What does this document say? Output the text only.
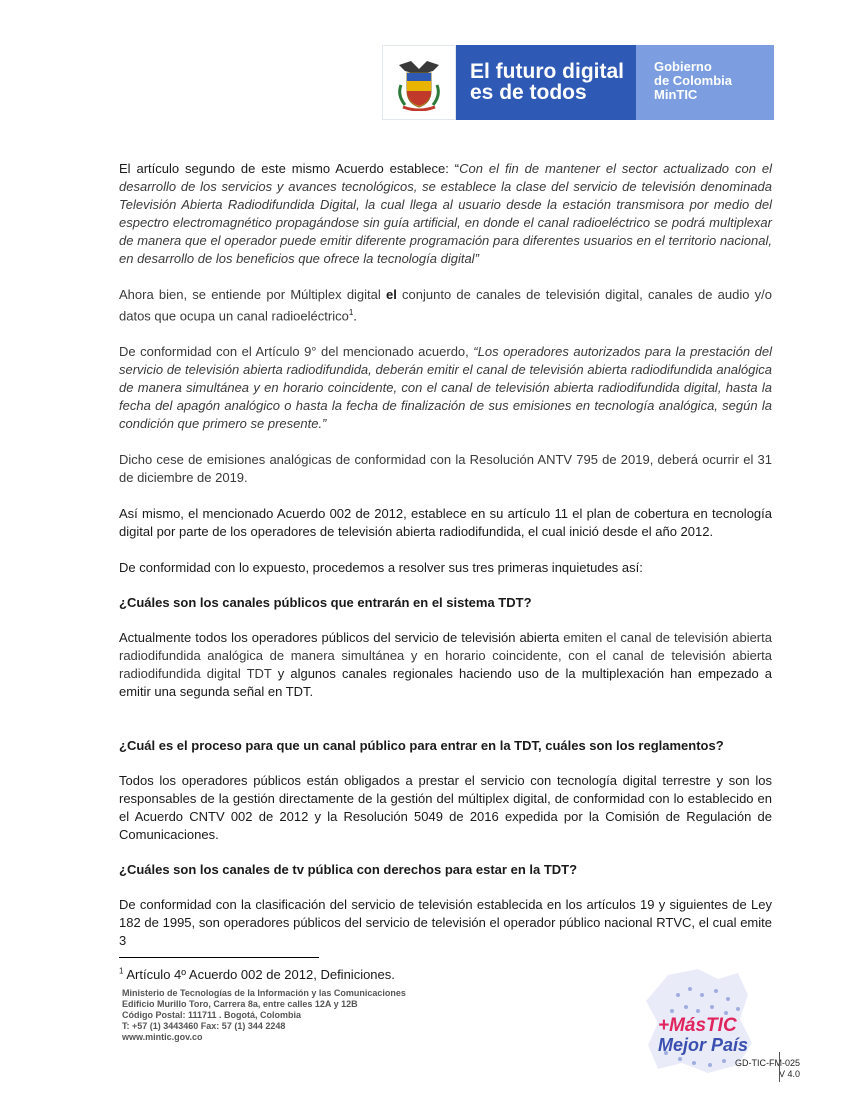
El futuro digital
es de todos
Gobierno
de Colombia
MinTIC

El artículo segundo de este mismo Acuerdo establece: “Con el fin de mantener el sector actualizado con el desarrollo de los servicios y avances tecnológicos, se establece la clase del servicio de televisión denominada Televisión Abierta Radiodifundida Digital, la cual llega al usuario desde la estación transmisora por medio del espectro electromagnético propagándose sin guía artificial, en donde el canal radioeléctrico se podrá multiplexar de manera que el operador puede emitir diferente programación para diferentes usuarios en el territorio nacional, en desarrollo de los beneficios que ofrece la tecnología digital”

Ahora bien, se entiende por Múltiplex digital el conjunto de canales de televisión digital, canales de audio y/o datos que ocupa un canal radioeléctrico$^1$.

De conformidad con el Artículo 9° del mencionado acuerdo, “Los operadores autorizados para la prestación del servicio de televisión abierta radiodifundida, deberán emitir el canal de televisión abierta radiodifundida analógica de manera simultánea y en horario coincidente, con el canal de televisión abierta radiodifundida digital, hasta la fecha del apagón analógico o hasta la fecha de finalización de sus emisiones en tecnología analógica, según la condición que primero se presente.”

Dicho cese de emisiones analógicas de conformidad con la Resolución ANTV 795 de 2019, deberá ocurrir el 31 de diciembre de 2019.

Así mismo, el mencionado Acuerdo 002 de 2012, establece en su artículo 11 el plan de cobertura en tecnología digital por parte de los operadores de televisión abierta radiodifundida, el cual inició desde el año 2012.

De conformidad con lo expuesto, procedemos a resolver sus tres primeras inquietudes así:

¿Cuáles son los canales públicos que entrarán en el sistema TDT?

Actualmente todos los operadores públicos del servicio de televisión abierta emiten el canal de televisión abierta radiodifundida analógica de manera simultánea y en horario coincidente, con el canal de televisión abierta radiodifundida digital TDT y algunos canales regionales haciendo uso de la multiplexación han empezado a emitir una segunda señal en TDT.

¿Cuál es el proceso para que un canal público para entrar en la TDT, cuáles son los reglamentos?

Todos los operadores públicos están obligados a prestar el servicio con tecnología digital terrestre y son los responsables de la gestión directamente de la gestión del múltiplex digital, de conformidad con lo establecido en el Acuerdo CNTV 002 de 2012 y la Resolución 5049 de 2016 expedida por la Comisión de Regulación de Comunicaciones.

¿Cuáles son los canales de tv pública con derechos para estar en la TDT?

De conformidad con la clasificación del servicio de televisión establecida en los artículos 19 y siguientes de Ley 182 de 1995, son operadores públicos del servicio de televisión el operador público nacional RTVC, el cual emite 3

$^1$ Artículo 4º Acuerdo 002 de 2012, Definiciones.
Ministerio de Tecnologías de la Información y las Comunicaciones
Edificio Murillo Toro, Carrera 8a, entre calles 12A y 12B
Código Postal: 111711 . Bogotá, Colombia
T: +57 (1) 3443460 Fax: 57 (1) 344 2248
www.mintic.gov.co
+MásTIC
Mejor País
GD-TIC-FM-025
V 4.0
